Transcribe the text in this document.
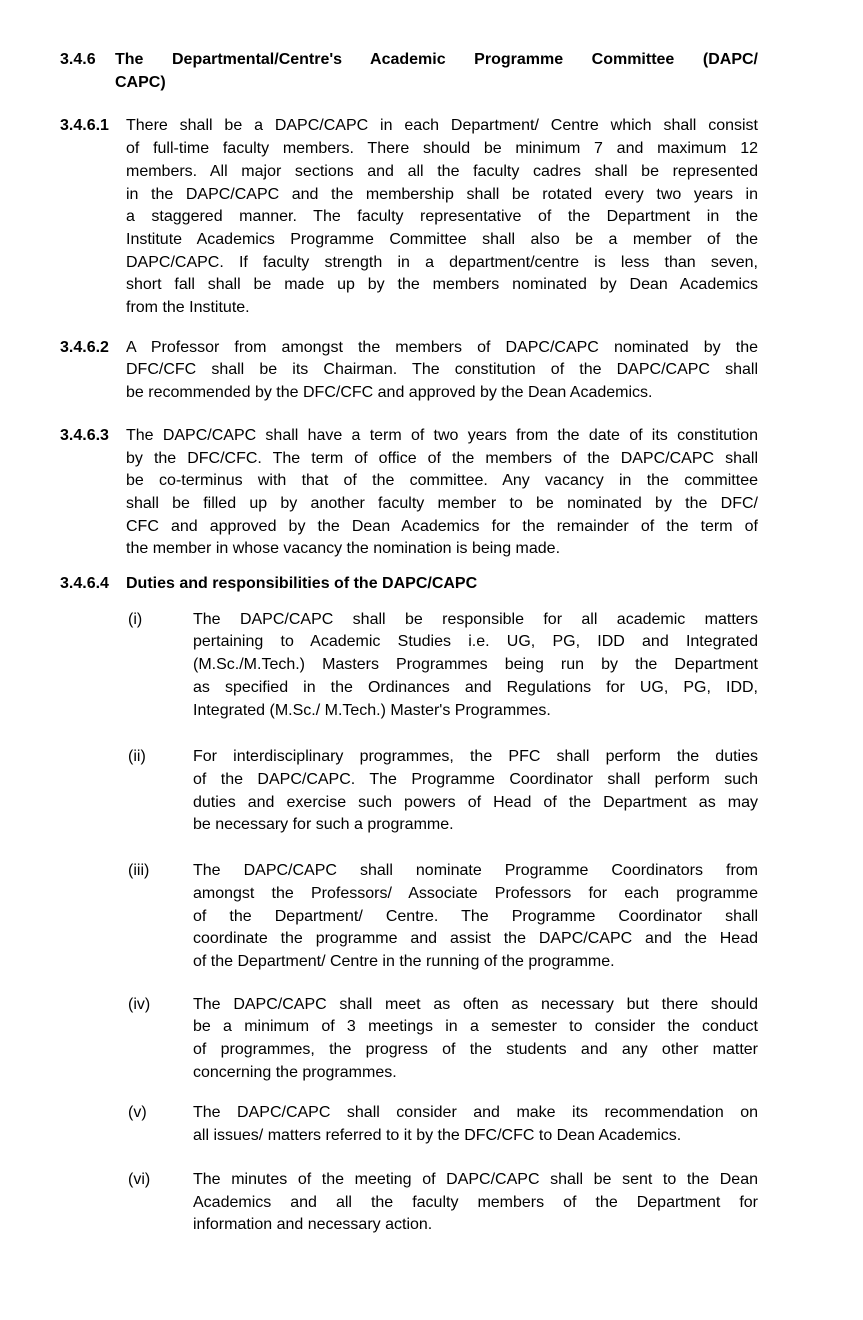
3.4.6	The Departmental/Centre's Academic Programme Committee (DAPC/
CAPC)
3.4.6.1	There shall be a DAPC/CAPC in each Department/ Centre which shall consist
of full-time faculty members. There should be minimum 7 and maximum 12
members. All major sections and all the faculty cadres shall be represented
in the DAPC/CAPC and the membership shall be rotated every two years in
a staggered manner. The faculty representative of the Department in the
Institute Academics Programme Committee shall also be a member of the
DAPC/CAPC. If faculty strength in a department/centre is less than seven,
short fall shall be made up by the members nominated by Dean Academics
from the Institute.
3.4.6.2	A Professor from amongst the members of DAPC/CAPC nominated by the
DFC/CFC shall be its Chairman. The constitution of the DAPC/CAPC shall
be recommended by the DFC/CFC and approved by the Dean Academics.
3.4.6.3	The DAPC/CAPC shall have a term of two years from the date of its constitution
by the DFC/CFC. The term of office of the members of the DAPC/CAPC shall
be co-terminus with that of the committee. Any vacancy in the committee
shall be filled up by another faculty member to be nominated by the DFC/
CFC and approved by the Dean Academics for the remainder of the term of
the member in whose vacancy the nomination is being made.
3.4.6.4	Duties and responsibilities of the DAPC/CAPC
(i)	The DAPC/CAPC shall be responsible for all academic matters
pertaining to Academic Studies i.e. UG, PG, IDD and Integrated
(M.Sc./M.Tech.) Masters Programmes being run by the Department
as specified in the Ordinances and Regulations for UG, PG, IDD,
Integrated (M.Sc./ M.Tech.) Master's Programmes.
(ii)	For interdisciplinary programmes, the PFC shall perform the duties
of the DAPC/CAPC. The Programme Coordinator shall perform such
duties and exercise such powers of Head of the Department as may
be necessary for such a programme.
(iii)	The DAPC/CAPC shall nominate Programme Coordinators from
amongst the Professors/ Associate Professors for each programme
of the Department/ Centre. The Programme Coordinator shall
coordinate the programme and assist the DAPC/CAPC and the Head
of the Department/ Centre in the running of the programme.
(iv)	The DAPC/CAPC shall meet as often as necessary but there should
be a minimum of 3 meetings in a semester to consider the conduct
of programmes, the progress of the students and any other matter
concerning the programmes.
(v)	The DAPC/CAPC shall consider and make its recommendation on
all issues/ matters referred to it by the DFC/CFC to Dean Academics.
(vi)	The minutes of the meeting of DAPC/CAPC shall be sent to the Dean
Academics and all the faculty members of the Department for
information and necessary action.
